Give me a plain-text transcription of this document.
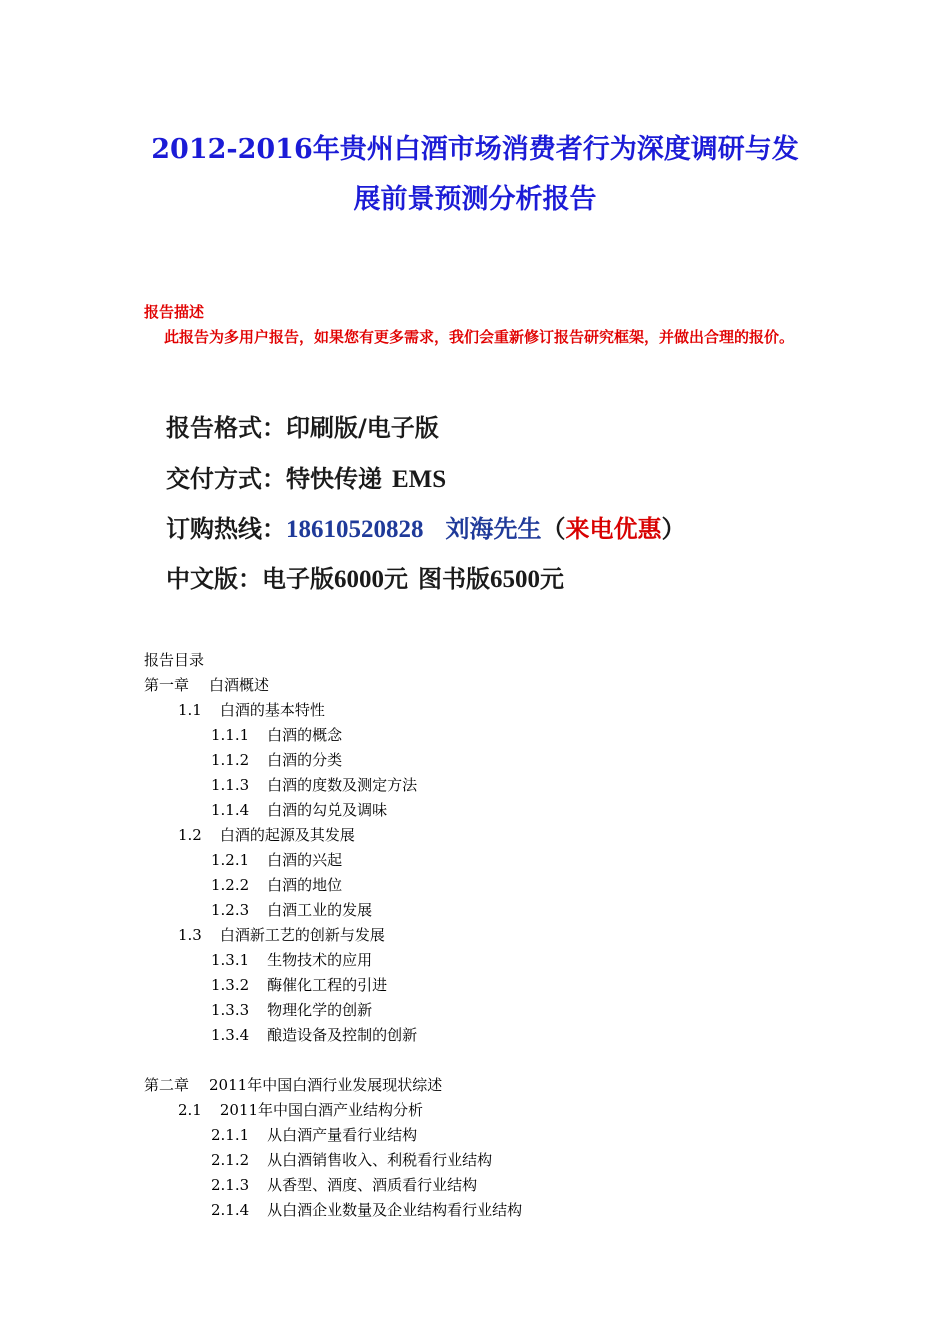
2012-2016年贵州白酒市场消费者行为深度调研与发
展前景预测分析报告
报告描述
此报告为多用户报告，如果您有更多需求，我们会重新修订报告研究框架，并做出合理的报价。
报告格式：印刷版/电子版
交付方式：特快传递 EMS
订购热线：18610520828 刘海先生（来电优惠）
中文版：电子版6000元 图书版6500元
报告目录
第一章 白酒概述
1.1 白酒的基本特性
1.1.1 白酒的概念
1.1.2 白酒的分类
1.1.3 白酒的度数及测定方法
1.1.4 白酒的勾兑及调味
1.2 白酒的起源及其发展
1.2.1 白酒的兴起
1.2.2 白酒的地位
1.2.3 白酒工业的发展
1.3 白酒新工艺的创新与发展
1.3.1 生物技术的应用
1.3.2 酶催化工程的引进
1.3.3 物理化学的创新
1.3.4 酿造设备及控制的创新
第二章 2011年中国白酒行业发展现状综述
2.1 2011年中国白酒产业结构分析
2.1.1 从白酒产量看行业结构
2.1.2 从白酒销售收入、利税看行业结构
2.1.3 从香型、酒度、酒质看行业结构
2.1.4 从白酒企业数量及企业结构看行业结构
